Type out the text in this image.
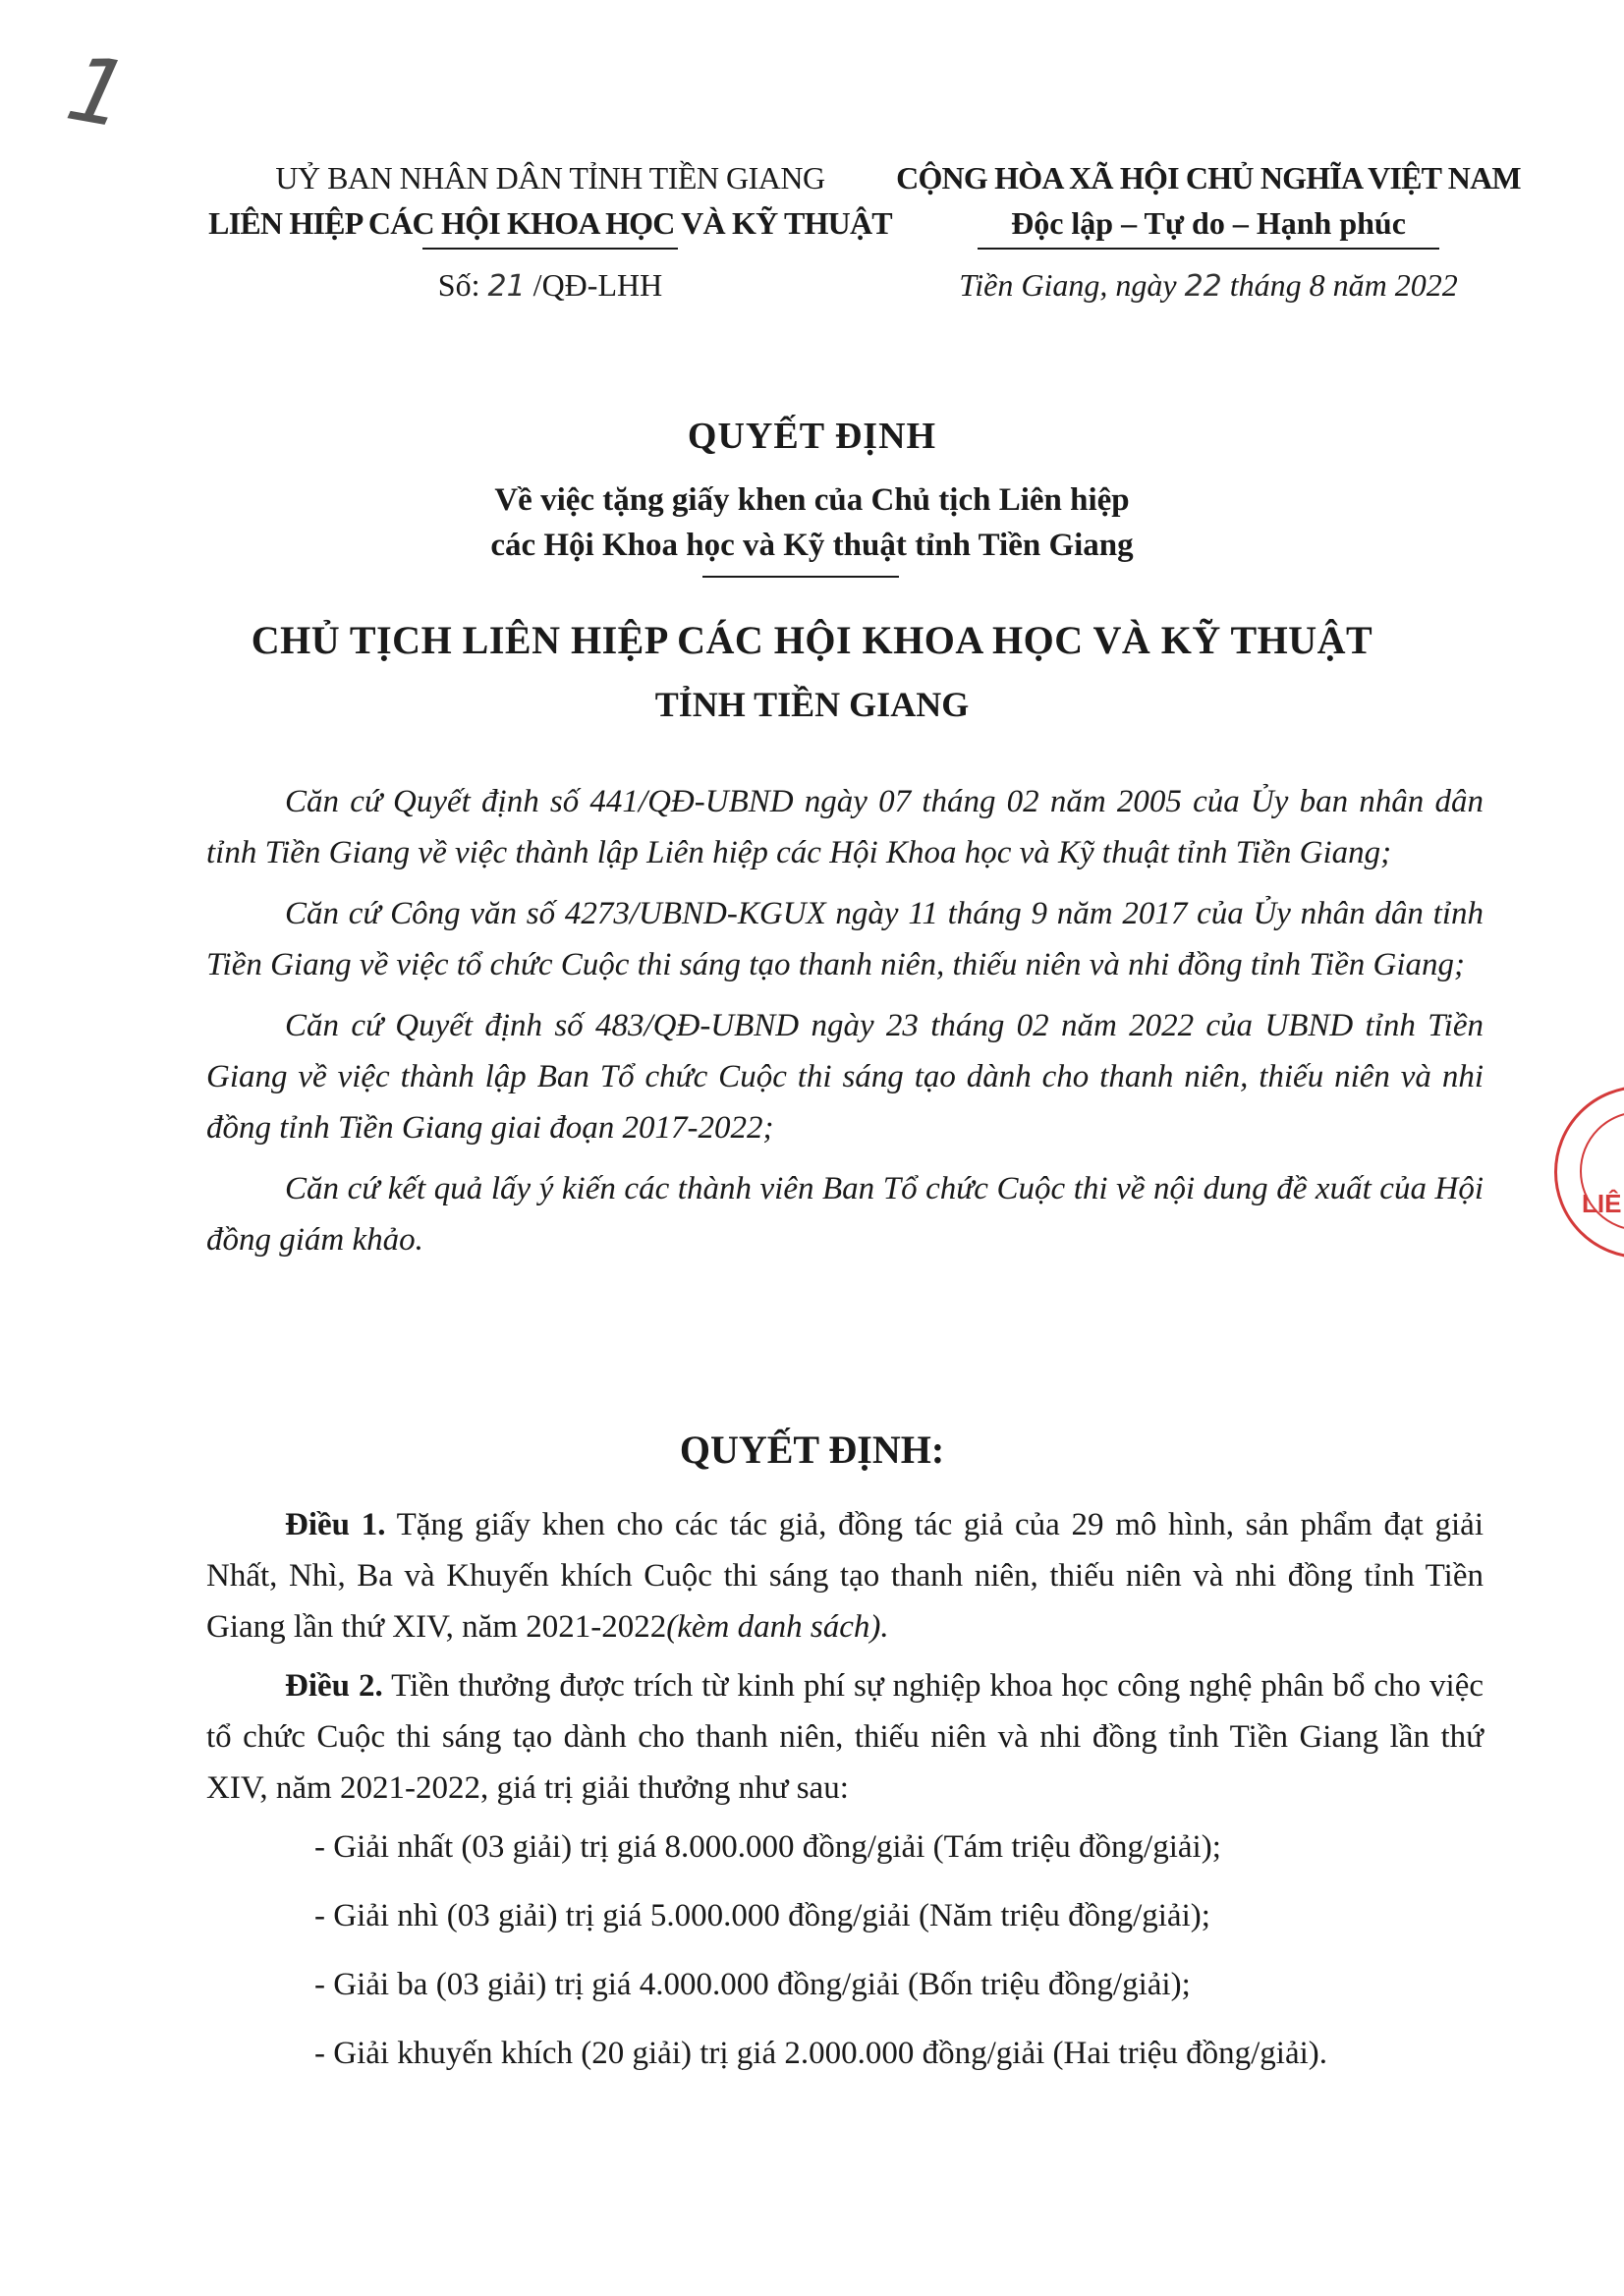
1
UỶ BAN NHÂN DÂN TỈNH TIỀN GIANG
LIÊN HIỆP CÁC HỘI KHOA HỌC VÀ KỸ THUẬT
CỘNG HÒA XÃ HỘI CHỦ NGHĨA VIỆT NAM
Độc lập – Tự do – Hạnh phúc
Số: 21 /QĐ-LHH	Tiền Giang, ngày 22 tháng 8 năm 2022
QUYẾT ĐỊNH
Về việc tặng giấy khen của Chủ tịch Liên hiệp
các Hội Khoa học và Kỹ thuật tỉnh Tiền Giang
CHỦ TỊCH LIÊN HIỆP CÁC HỘI KHOA HỌC VÀ KỸ THUẬT
TỈNH TIỀN GIANG

Căn cứ Quyết định số 441/QĐ-UBND ngày 07 tháng 02 năm 2005 của Ủy ban nhân dân tỉnh Tiền Giang về việc thành lập Liên hiệp các Hội Khoa học và Kỹ thuật tỉnh Tiền Giang;

Căn cứ Công văn số 4273/UBND-KGUX ngày 11 tháng 9 năm 2017 của Ủy nhân dân tỉnh Tiền Giang về việc tổ chức Cuộc thi sáng tạo thanh niên, thiếu niên và nhi đồng tỉnh Tiền Giang;

Căn cứ Quyết định số 483/QĐ-UBND ngày 23 tháng 02 năm 2022 của UBND tỉnh Tiền Giang về việc thành lập Ban Tổ chức Cuộc thi sáng tạo dành cho thanh niên, thiếu niên và nhi đồng tỉnh Tiền Giang giai đoạn 2017-2022;

Căn cứ kết quả lấy ý kiến các thành viên Ban Tổ chức Cuộc thi về nội dung đề xuất của Hội đồng giám khảo.

QUYẾT ĐỊNH:

Điều 1. Tặng giấy khen cho các tác giả, đồng tác giả của 29 mô hình, sản phẩm đạt giải Nhất, Nhì, Ba và Khuyến khích Cuộc thi sáng tạo thanh niên, thiếu niên và nhi đồng tỉnh Tiền Giang lần thứ XIV, năm 2021-2022(kèm danh sách).

Điều 2. Tiền thưởng được trích từ kinh phí sự nghiệp khoa học công nghệ phân bổ cho việc tổ chức Cuộc thi sáng tạo dành cho thanh niên, thiếu niên và nhi đồng tỉnh Tiền Giang lần thứ XIV, năm 2021-2022, giá trị giải thưởng như sau:

- Giải nhất (03 giải) trị giá 8.000.000 đồng/giải (Tám triệu đồng/giải);

- Giải nhì (03 giải) trị giá 5.000.000 đồng/giải (Năm triệu đồng/giải);

- Giải ba (03 giải) trị giá 4.000.000 đồng/giải (Bốn triệu đồng/giải);

- Giải khuyến khích (20 giải) trị giá 2.000.000 đồng/giải (Hai triệu đồng/giải).

LIÊ
